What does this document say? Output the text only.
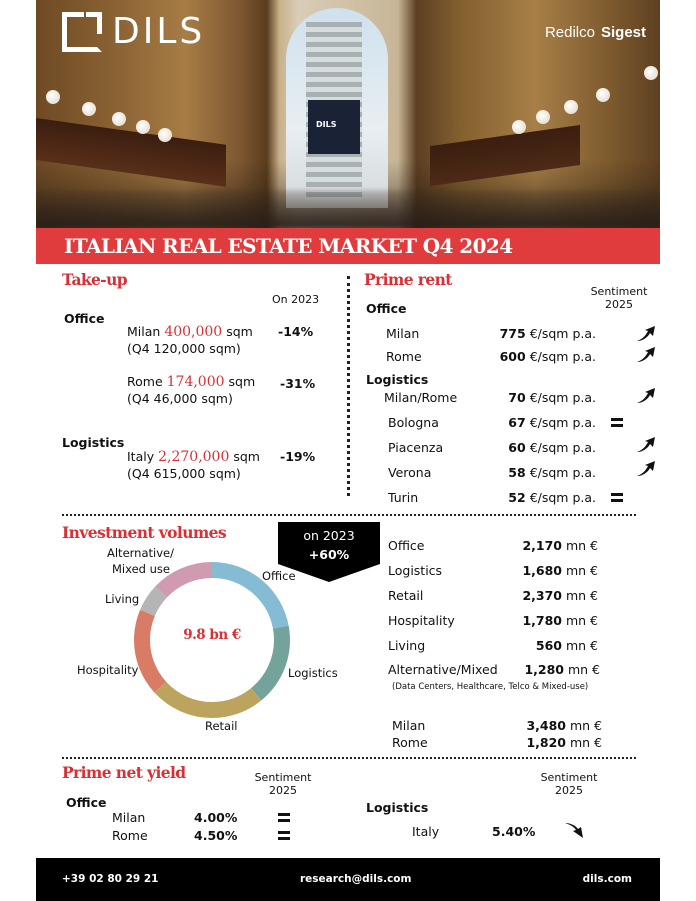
DILS
DILS	Redilco Sigest
ITALIAN REAL ESTATE MARKET Q4 2024
Take-up
On 2023
Office
Milan 400,000 sqm
(Q4 120,000 sqm)
-14%
Rome 174,000 sqm
(Q4 46,000 sqm)
-31%
Logistics
Italy 2,270,000 sqm
(Q4 615,000 sqm)
-19%
Prime rent
Sentiment
2025
Office
Milan	775 €/sqm p.a.
Rome	600 €/sqm p.a.
Logistics
Milan/Rome	70 €/sqm p.a.
Bologna	67 €/sqm p.a.
Piacenza	60 €/sqm p.a.
Verona	58 €/sqm p.a.
Turin	52 €/sqm p.a.
Investment volumes	on 2023
+60%
9.8 bn €
Alternative/
Mixed use	Office
Living
Hospitality	Logistics
Retail
Office	2,170 mn €
Logistics	1,680 mn €
Retail	2,370 mn €
Hospitality	1,780 mn €
Living	560 mn €
Alternative/Mixed	1,280 mn €
(Data Centers, Healthcare, Telco & Mixed-use)
Milan	3,480 mn €
Rome	1,820 mn €
Prime net yield	Sentiment
2025
Sentiment
2025
Office
Milan	4.00%
Rome	4.50%
Logistics
Italy	5.40%
+39 02 80 29 21	research@dils.com	dils.com
